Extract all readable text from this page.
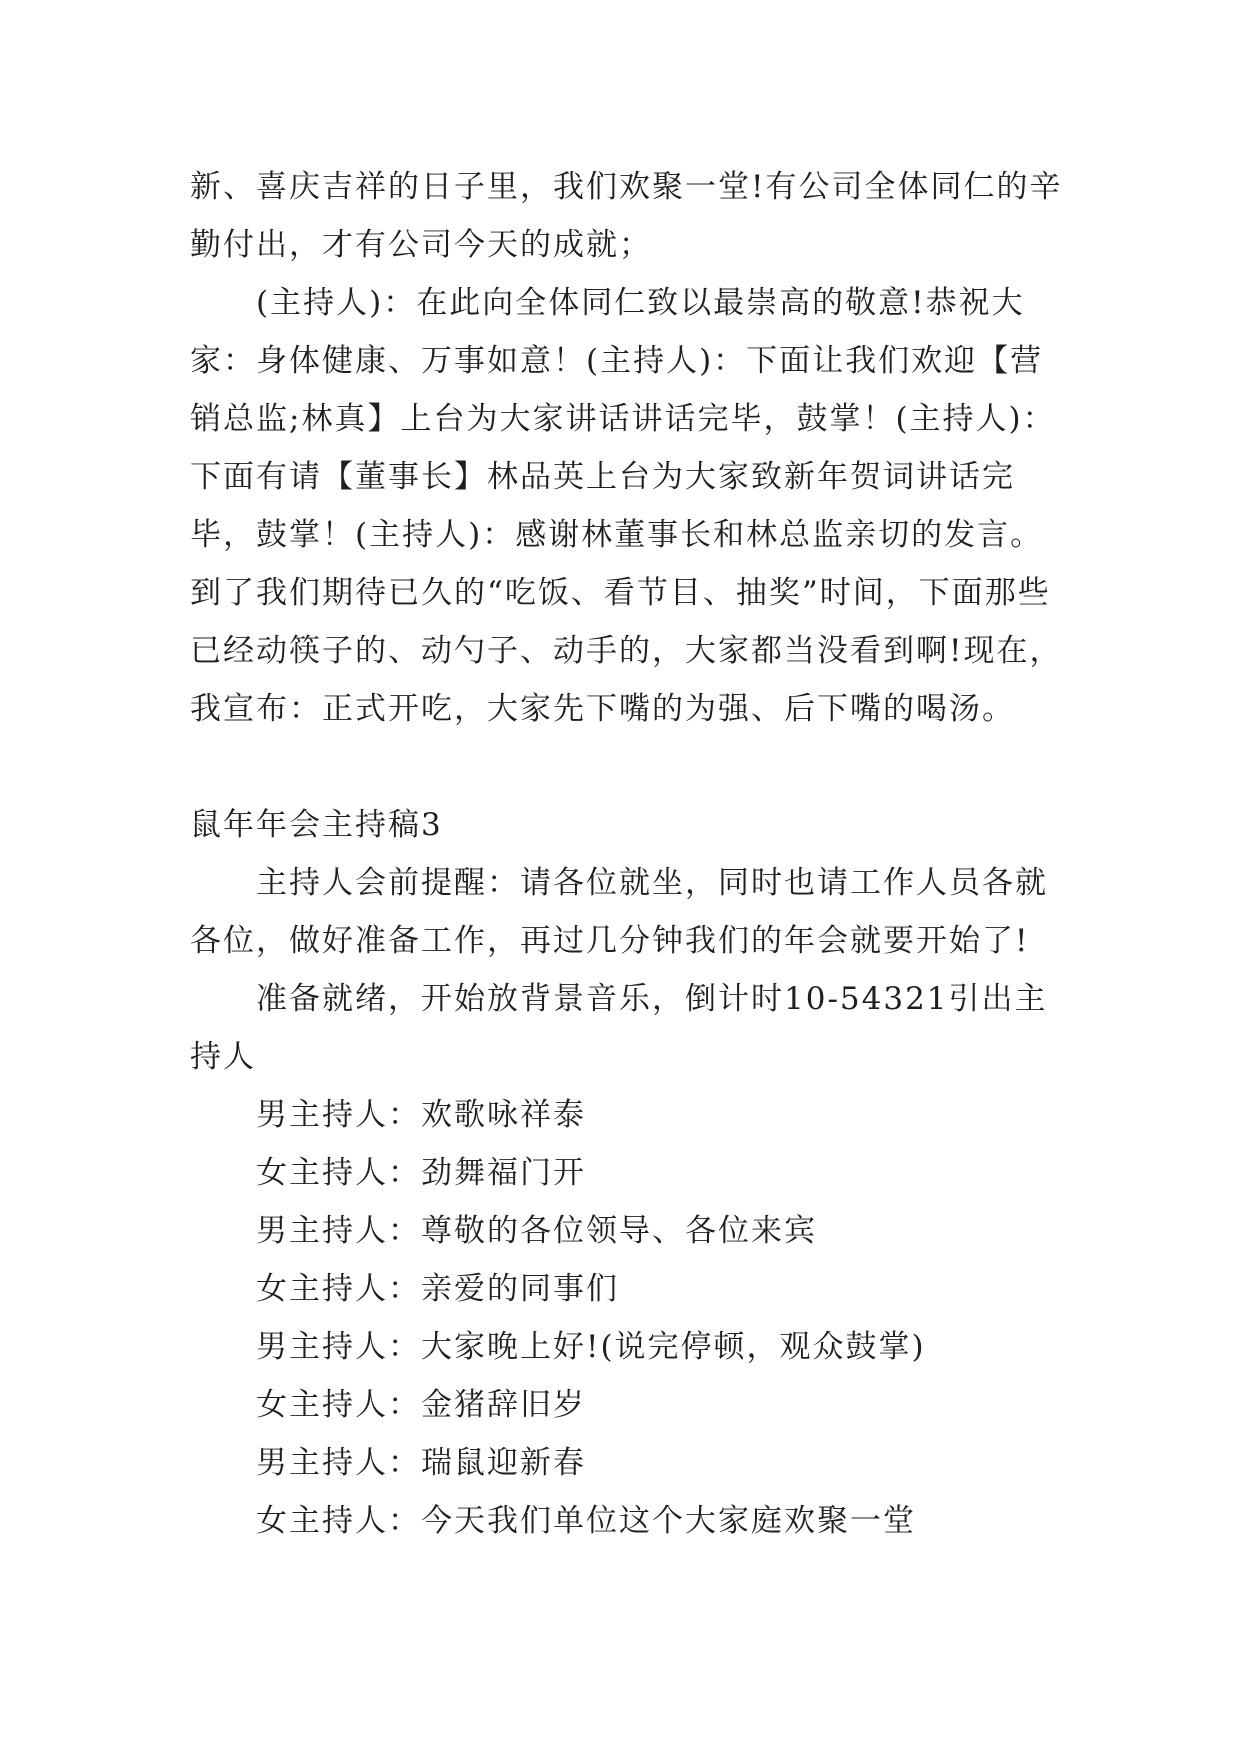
新、喜庆吉祥的日子里，我们欢聚一堂!有公司全体同仁的辛勤付出，才有公司今天的成就；

(主持人)：在此向全体同仁致以最崇高的敬意!恭祝大家：身体健康、万事如意！(主持人)：下面让我们欢迎【营销总监;林真】上台为大家讲话讲话完毕，鼓掌！(主持人)：下面有请【董事长】林品英上台为大家致新年贺词讲话完毕，鼓掌！(主持人)：感谢林董事长和林总监亲切的发言。到了我们期待已久的“吃饭、看节目、抽奖”时间，下面那些已经动筷子的、动勺子、动手的，大家都当没看到啊!现在，我宣布：正式开吃，大家先下嘴的为强、后下嘴的喝汤。

鼠年年会主持稿3

主持人会前提醒：请各位就坐，同时也请工作人员各就各位，做好准备工作，再过几分钟我们的年会就要开始了!

准备就绪，开始放背景音乐，倒计时10-54321引出主持人

男主持人：欢歌咏祥泰

女主持人：劲舞福门开

男主持人：尊敬的各位领导、各位来宾

女主持人：亲爱的同事们

男主持人：大家晚上好!(说完停顿，观众鼓掌)

女主持人：金猪辞旧岁

男主持人：瑞鼠迎新春

女主持人：今天我们单位这个大家庭欢聚一堂
